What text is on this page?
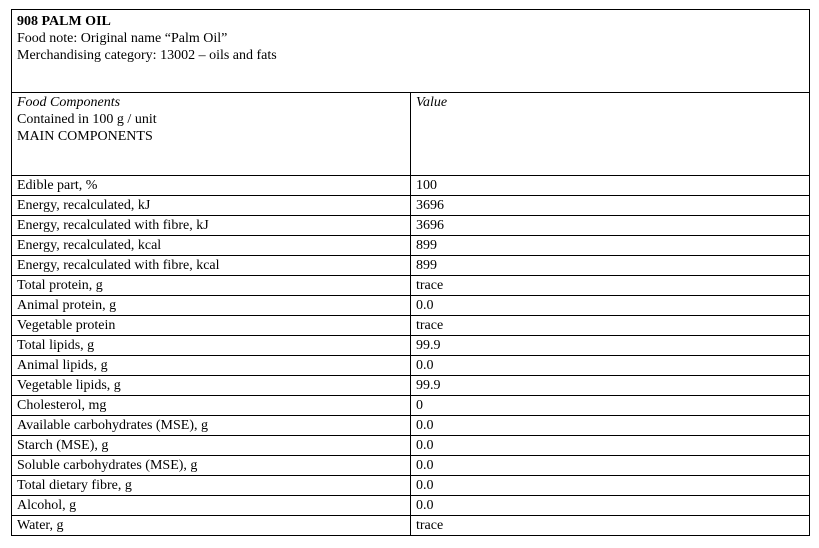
908 PALM OIL
Food note: Original name “Palm Oil”
Merchandising category: 13002 – oils and fats	

Food Components
Contained in 100 g / unit
MAIN COMPONENTS	Value

Edible part, %	100
Energy, recalculated, kJ	3696
Energy, recalculated with fibre, kJ	3696
Energy, recalculated, kcal	899
Energy, recalculated with fibre, kcal	899
Total protein, g	trace
Animal protein, g	0.0
Vegetable protein	trace
Total lipids, g	99.9
Animal lipids, g	0.0
Vegetable lipids, g	99.9
Cholesterol, mg	0
Available carbohydrates (MSE), g	0.0
Starch (MSE), g	0.0
Soluble carbohydrates (MSE), g	0.0
Total dietary fibre, g	0.0
Alcohol, g	0.0
Water, g	trace
